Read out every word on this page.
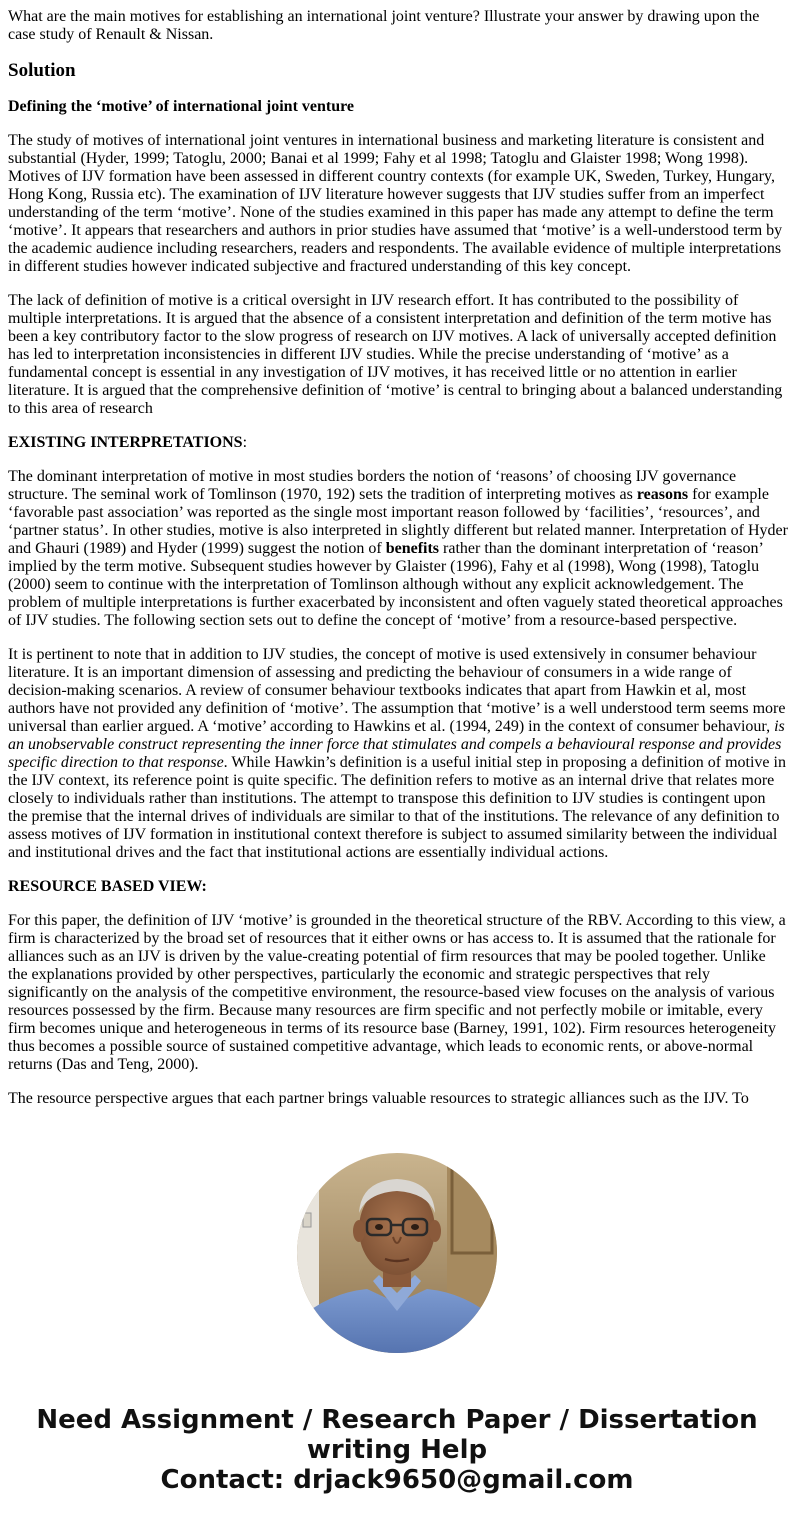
What are the main motives for establishing an international joint venture? Illustrate your answer by drawing upon the case study of Renault & Nissan.

Solution
Defining the ‘motive’ of international joint venture

The study of motives of international joint ventures in international business and marketing literature is consistent and substantial (Hyder, 1999; Tatoglu, 2000; Banai et al 1999; Fahy et al 1998; Tatoglu and Glaister 1998; Wong 1998). Motives of IJV formation have been assessed in different country contexts (for example UK, Sweden, Turkey, Hungary, Hong Kong, Russia etc). The examination of IJV literature however suggests that IJV studies suffer from an imperfect understanding of the term ‘motive’. None of the studies examined in this paper has made any attempt to define the term ‘motive’. It appears that researchers and authors in prior studies have assumed that ‘motive’ is a well-understood term by the academic audience including researchers, readers and respondents. The available evidence of multiple interpretations in different studies however indicated subjective and fractured understanding of this key concept.

The lack of definition of motive is a critical oversight in IJV research effort. It has contributed to the possibility of multiple interpretations. It is argued that the absence of a consistent interpretation and definition of the term motive has been a key contributory factor to the slow progress of research on IJV motives. A lack of universally accepted definition has led to interpretation inconsistencies in different IJV studies. While the precise understanding of ‘motive’ as a fundamental concept is essential in any investigation of IJV motives, it has received little or no attention in earlier literature. It is argued that the comprehensive definition of ‘motive’ is central to bringing about a balanced understanding to this area of research

EXISTING INTERPRETATIONS:

The dominant interpretation of motive in most studies borders the notion of ‘reasons’ of choosing IJV governance structure. The seminal work of Tomlinson (1970, 192) sets the tradition of interpreting motives as reasons for example ‘favorable past association’ was reported as the single most important reason followed by ‘facilities’, ‘resources’, and ‘partner status’. In other studies, motive is also interpreted in slightly different but related manner. Interpretation of Hyder and Ghauri (1989) and Hyder (1999) suggest the notion of benefits rather than the dominant interpretation of ‘reason’ implied by the term motive. Subsequent studies however by Glaister (1996), Fahy et al (1998), Wong (1998), Tatoglu (2000) seem to continue with the interpretation of Tomlinson although without any explicit acknowledgement. The problem of multiple interpretations is further exacerbated by inconsistent and often vaguely stated theoretical approaches of IJV studies. The following section sets out to define the concept of ‘motive’ from a resource-based perspective.

It is pertinent to note that in addition to IJV studies, the concept of motive is used extensively in consumer behaviour literature. It is an important dimension of assessing and predicting the behaviour of consumers in a wide range of decision-making scenarios. A review of consumer behaviour textbooks indicates that apart from Hawkin et al, most authors have not provided any definition of ‘motive’. The assumption that ‘motive’ is a well understood term seems more universal than earlier argued. A ‘motive’ according to Hawkins et al. (1994, 249) in the context of consumer behaviour, is an unobservable construct representing the inner force that stimulates and compels a behavioural response and provides specific direction to that response. While Hawkin’s definition is a useful initial step in proposing a definition of motive in the IJV context, its reference point is quite specific. The definition refers to motive as an internal drive that relates more closely to individuals rather than institutions. The attempt to transpose this definition to IJV studies is contingent upon the premise that the internal drives of individuals are similar to that of the institutions. The relevance of any definition to assess motives of IJV formation in institutional context therefore is subject to assumed similarity between the individual and institutional drives and the fact that institutional actions are essentially individual actions.

RESOURCE BASED VIEW:

For this paper, the definition of IJV ‘motive’ is grounded in the theoretical structure of the RBV. According to this view, a firm is characterized by the broad set of resources that it either owns or has access to. It is assumed that the rationale for alliances such as an IJV is driven by the value-creating potential of firm resources that may be pooled together. Unlike the explanations provided by other perspectives, particularly the economic and strategic perspectives that rely significantly on the analysis of the competitive environment, the resource-based view focuses on the analysis of various resources possessed by the firm. Because many resources are firm specific and not perfectly mobile or imitable, every firm becomes unique and heterogeneous in terms of its resource base (Barney, 1991, 102). Firm resources heterogeneity thus becomes a possible source of sustained competitive advantage, which leads to economic rents, or above-normal returns (Das and Teng, 2000).

The resource perspective argues that each partner brings valuable resources to strategic alliances such as the IJV. To

Need Assignment / Research Paper / Dissertation
writing Help
Contact: drjack9650@gmail.com
